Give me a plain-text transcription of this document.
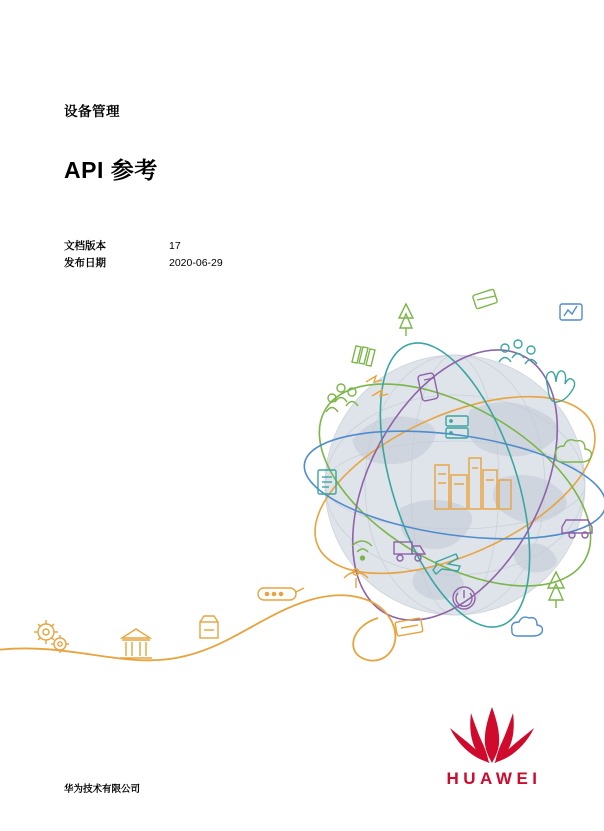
设备管理
API 参考
文档版本	17
发布日期	2020-06-29
HUAWEI
华为技术有限公司
